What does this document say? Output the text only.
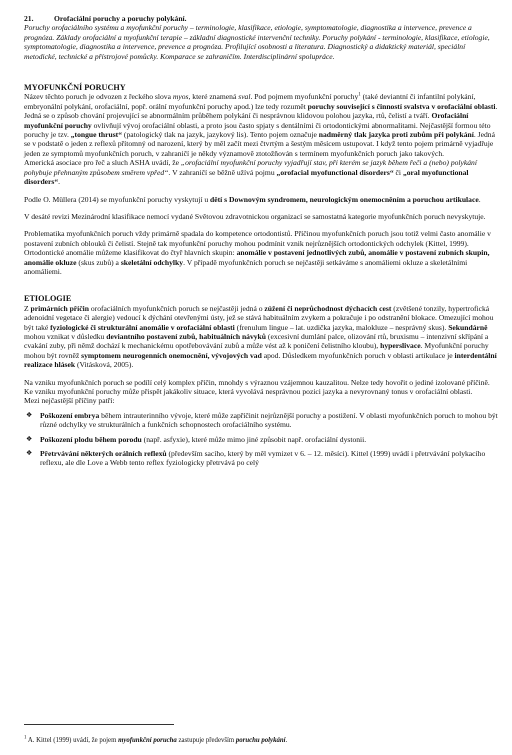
21.	Orofaciální poruchy a poruchy polykání.

Poruchy orofaciálního systému a myofunkční poruchy – terminologie, klasifikace, etiologie, symptomatologie, diagnostika a intervence, prevence a prognóza. Základy orofaciální a myofunkční terapie – základní diagnostické intervenční techniky. Poruchy polykání - terminologie, klasifikace, etiologie, symptomatologie, diagnostika a intervence, prevence a prognóza. Profilující osobnosti a literatura. Diagnostický a didaktický materiál, speciální metodické, technické a přístrojové pomůcky. Komparace se zahraničím. Interdisciplinární spolupráce.

MYOFUNKČNÍ PORUCHY

Název těchto poruch je odvozen z řeckého slova myos, které znamená sval. Pod pojmem myofunkční poruchy$^1$ (také deviantní či infantilní polykání, embryonální polykání, orofaciální, popř. orální myofunkční poruchy apod.) lze tedy rozumět poruchy související s činností svalstva v orofaciální oblasti. Jedná se o způsob chování projevující se abnormálním průběhem polykání či nesprávnou klidovou polohou jazyka, rtů, čelistí a tváří. Orofaciální myofunkční poruchy ovlivňují vývoj orofaciální oblasti, a proto jsou často spjaty s dentálními či ortodontickými abnormalitami. Nejčastější formou této poruchy je tzv. „tongue thrust“ (patologický tlak na jazyk, jazykový lis). Tento pojem označuje nadměrný tlak jazyka proti zubům při polykání. Jedná se v podstatě o jeden z reflexů přítomný od narození, který by měl začít mezi čtvrtým a šestým měsícem ustupovat. I když tento pojem primárně vyjadřuje jeden ze symptomů myofunkčních poruch, v zahraničí je někdy významově ztotožňován s termínem myofunkčních poruch jako takových.

Americká asociace pro řeč a sluch ASHA uvádí, že „orofaciální myofunkční poruchy vyjadřují stav, při kterém se jazyk během řeči a (nebo) polykání pohybuje přehnaným způsobem směrem vpřed“. V zahraničí se běžně užívá pojmu „orofacial myofunctional disorders“ či „oral myofunctional disorders“.

Podle O. Müllera (2014) se myofunkční poruchy vyskytují u dětí s Downovým syndromem, neurologickým onemocněním a poruchou artikulace.

V desáté revizi Mezinárodní klasifikace nemocí vydané Světovou zdravotnickou organizací se samostatná kategorie myofunkčních poruch nevyskytuje.

Problematika myofunkčních poruch vždy primárně spadala do kompetence ortodontistů. Příčinou myofunkčních poruch jsou totiž velmi často anomálie v postavení zubních oblouků či čelistí. Stejně tak myofunkční poruchy mohou podmínit vznik nejrůznějších ortodontických odchylek (Kittel, 1999). Ortodontické anomálie můžeme klasifikovat do čtyř hlavních skupin: anomálie v postavení jednotlivých zubů, anomálie v postavení zubních skupin, anomálie okluze (skus zubů) a skeletální odchylky. V případě myofunkčních poruch se nejčastěji setkáváme s anomáliemi okluze a skeletálními anomáliemi.

ETIOLOGIE

Z primárních příčin orofaciálních myofunkčních poruch se nejčastěji jedná o zúžení či neprůchodnost dýchacích cest (zvětšené tonzily, hypertrofická adenoidní vegetace či alergie) vedoucí k dýchání otevřenými ústy, jež se stává habituálním zvykem a pokračuje i po odstranění blokace. Omezující mohou být také fyziologické či strukturální anomálie v orofaciální oblasti (frenulum lingue – lat. uzdička jazyka, malokluze – nesprávný skus). Sekundárně mohou vznikat v důsledku deviantního postavení zubů, habituálních návyků (excesivní dumlání palce, olizování rtů, bruxismu – intenzivní skřípání a cvakání zuby, při němž dochází k mechanickému opotřebovávání zubů a může vést až k poničení čelistního kloubu), hyperslivace. Myofunkční poruchy mohou být rovněž symptomem neurogenních onemocnění, vývojových vad apod. Důsledkem myofunkčních poruch v oblasti artikulace je interdentální realizace hlásek (Vitásková, 2005).

Na vzniku myofunkčních poruch se podílí celý komplex příčin, mnohdy s výraznou vzájemnou kauzalitou. Nelze tedy hovořit o jediné izolované příčině. Ke vzniku myofunkční poruchy může přispět jakákoliv situace, která vyvolává nesprávnou pozici jazyka a nevyrovnaný tonus v orofaciální oblasti.

Mezi nejčastější příčiny patří:

❖ Poškození embrya během intrauterinního vývoje, které může zapříčinit nejrůznější poruchy a postižení. V oblasti myofunkčních poruch to mohou být různé odchylky ve strukturálních a funkčních schopnostech orofaciálního systému.
❖ Poškození plodu během porodu (např. asfyxie), které může mimo jiné způsobit např. orofaciální dystonii.
❖ Přetrvávání některých orálních reflexů (především sacího, který by měl vymizet v 6. – 12. měsíci). Kittel (1999) uvádí i přetrvávání polykacího reflexu, ale dle Love a Webb tento reflex fyziologicky přetrvává po celý

$^1$ A. Kittel (1999) uvádí, že pojem myofunkční porucha zastupuje především poruchu polykání.
